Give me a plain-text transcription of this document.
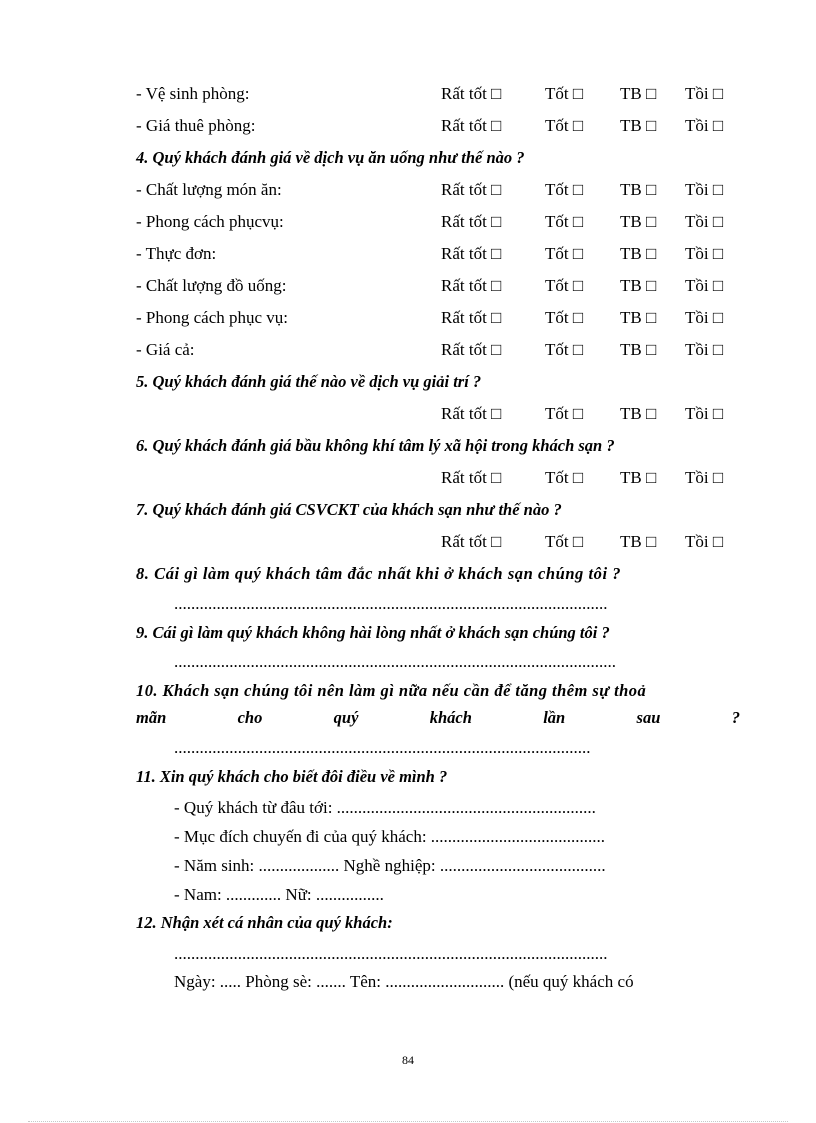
- Vệ sinh phòng:	Rất tốt □	Tốt □ TB □ Tồi □
- Giá thuê phòng:	Rất tốt □	Tốt □ TB □ Tồi □
4. Quý khách đánh giá về dịch vụ ăn uống như thế nào ?
- Chất lượng món ăn:	Rất tốt □	Tốt □ TB □ Tồi □
- Phong cách phụcvụ:	Rất tốt □	Tốt □ TB □ Tồi □
- Thực đơn:	Rất tốt □	Tốt □ TB □ Tồi □
- Chất lượng đồ uống:	Rất tốt □	Tốt □ TB □ Tồi □
- Phong cách phục vụ:	Rất tốt □	Tốt □ TB □ Tồi □
- Giá cả:	Rất tốt □	Tốt □ TB □ Tồi □
5. Quý khách đánh giá thế nào về dịch vụ giải trí ?
Rất tốt □	Tốt □ TB □ Tồi □
6. Quý khách đánh giá bầu không khí tâm lý xã hội trong khách sạn ?
Rất tốt □	Tốt □ TB □ Tồi □
7. Quý khách đánh giá CSVCKT của khách sạn như thế nào ?
Rất tốt □	Tốt □ TB □ Tồi □
8. Cái gì làm quý khách tâm đắc nhất khi ở khách sạn chúng tôi ?
......................................................................................................
9. Cái gì làm quý khách không hài lòng nhất ở khách sạn chúng tôi ?
........................................................................................................
10. Khách sạn chúng tôi nên làm gì nữa nếu cần để tăng thêm sự thoả
mãn	cho	quý	khách	lần	sau	?
..................................................................................................
11. Xin quý khách cho biết đôi điều về mình ?
- Quý khách từ đâu tới: .............................................................
- Mục đích chuyến đi của quý khách: .........................................
- Năm sinh: ................... Nghề nghiệp: .......................................
- Nam: ............. Nữ: ................
12. Nhận xét cá nhân của quý khách:
......................................................................................................
Ngày: ..... Phòng sè: ....... Tên: ............................ (nếu quý khách có
84
